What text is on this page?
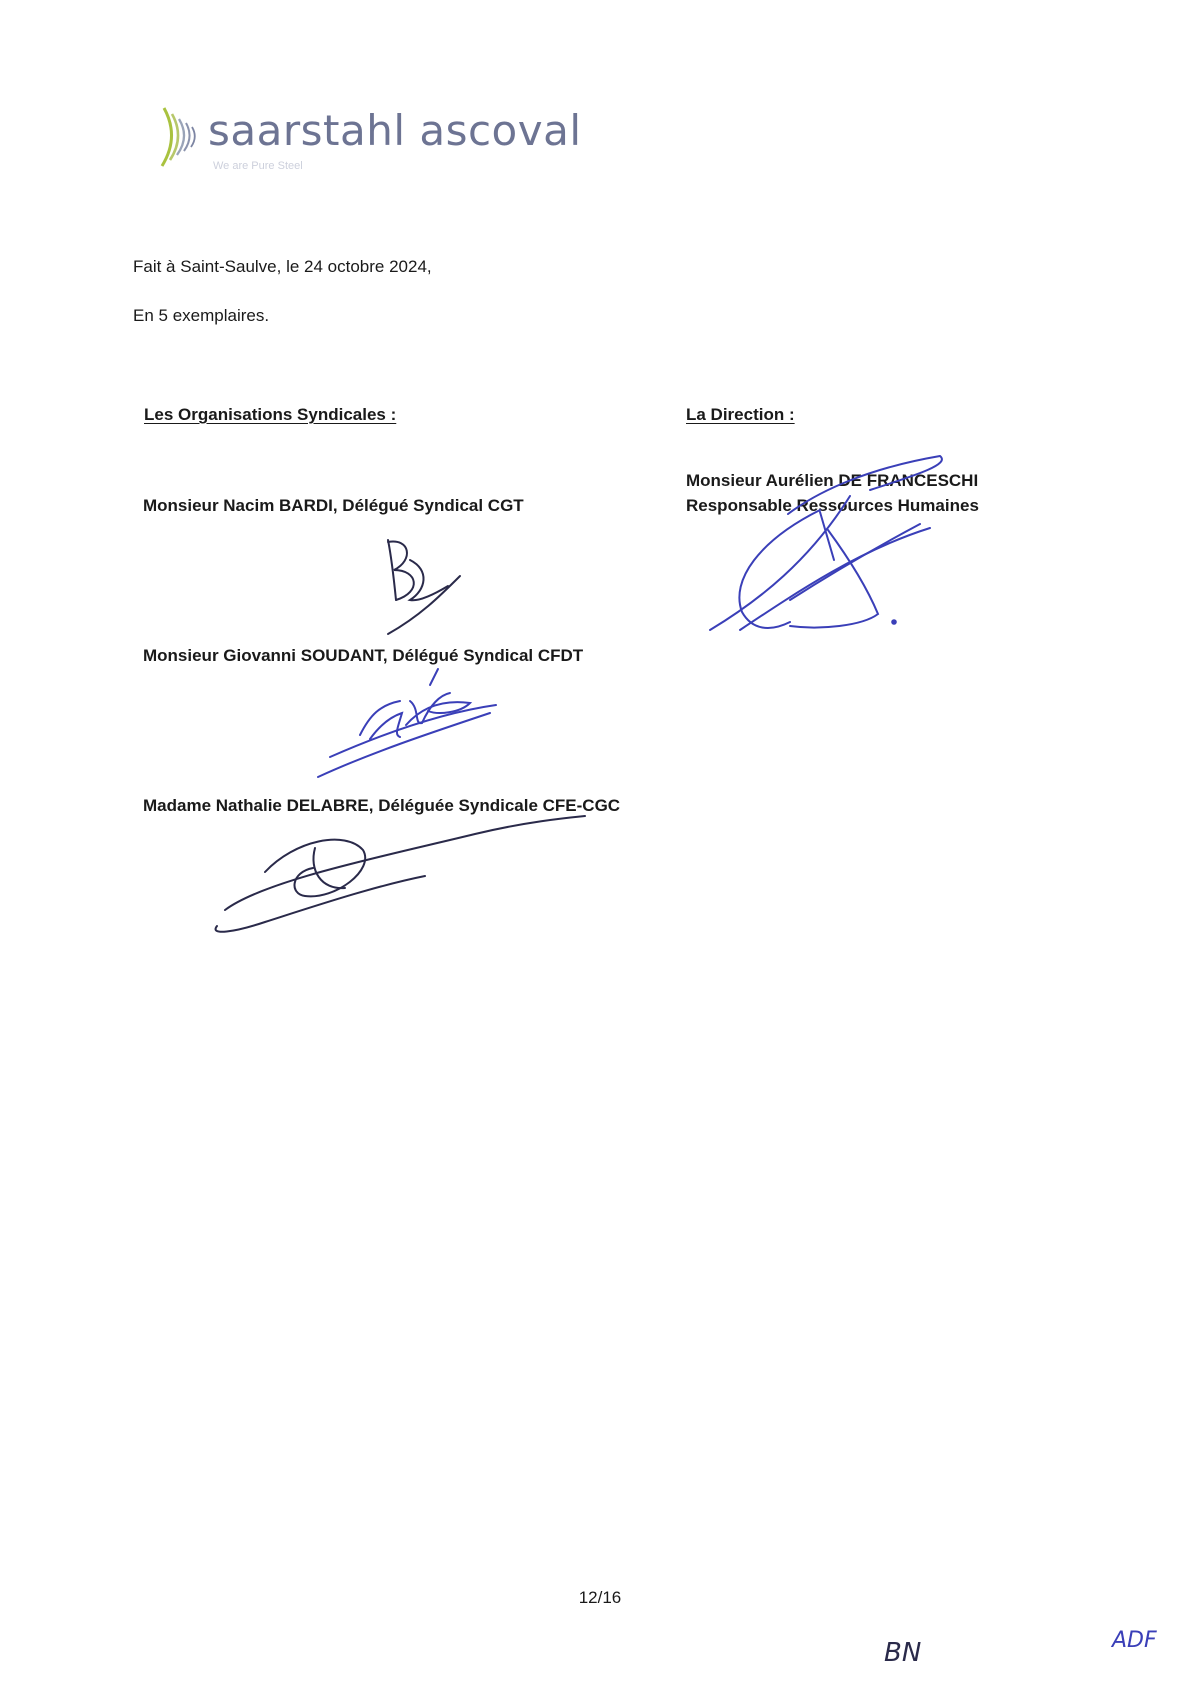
saarstahl ascoval
We are Pure Steel
Fait à Saint-Saulve, le 24 octobre 2024,
En 5 exemplaires.
Les Organisations Syndicales :	La Direction :
Monsieur Aurélien DE FRANCESCHI
Responsable Ressources Humaines
Monsieur Nacim BARDI, Délégué Syndical CGT
Monsieur Giovanni SOUDANT, Délégué Syndical CFDT
Madame Nathalie DELABRE, Déléguée Syndicale CFE-CGC
12/16
BN	ADF
